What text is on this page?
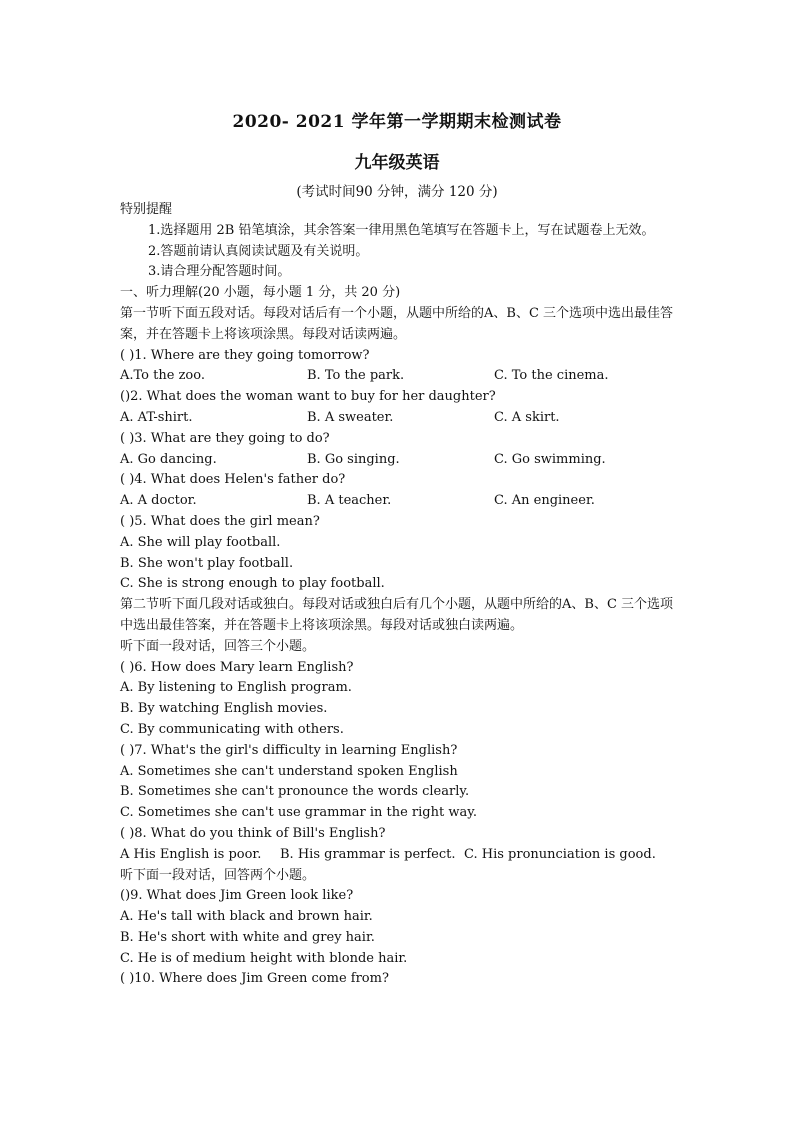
2020- 2021 学年第一学期期末检测试卷
九年级英语
(考试时间90 分钟，满分 120 分)
特别提醒
1.选择题用 2B 铅笔填涂，其余答案一律用黑色笔填写在答题卡上，写在试题卷上无效。
2.答题前请认真阅读试题及有关说明。
3.请合理分配答题时间。
一、听力理解(20 小题，每小题 1 分，共 20 分)
第一节听下面五段对话。每段对话后有一个小题，从题中所给的A、B、C 三个选项中选出最佳答案，并在答题卡上将该项涂黑。每段对话读两遍。
( )1. Where are they going tomorrow?
A.To the zoo.	B. To the park.	C. To the cinema.
()2. What does the woman want to buy for her daughter?
A. AT-shirt.	B. A sweater.	C. A skirt.
( )3. What are they going to do?
A. Go dancing.	B. Go singing.	C. Go swimming.
( )4. What does Helen's father do?
A. A doctor.	B. A teacher.	C. An engineer.
( )5. What does the girl mean?
A. She will play football.
B. She won't play football.
C. She is strong enough to play football.
第二节听下面几段对话或独白。每段对话或独白后有几个小题，从题中所给的A、B、C 三个选项中选出最佳答案，并在答题卡上将该项涂黑。每段对话或独白读两遍。
听下面一段对话，回答三个小题。
( )6. How does Mary learn English?
A. By listening to English program.
B. By watching English movies.
C. By communicating with others.
( )7. What's the girl's difficulty in learning English?
A. Sometimes she can't understand spoken English
B. Sometimes she can't pronounce the words clearly.
C. Sometimes she can't use grammar in the right way.
( )8. What do you think of Bill's English?
A His English is poor. B. His grammar is perfect. C. His pronunciation is good.
听下面一段对话，回答两个小题。
()9. What does Jim Green look like?
A. He's tall with black and brown hair.
B. He's short with white and grey hair.
C. He is of medium height with blonde hair.
( )10. Where does Jim Green come from?
